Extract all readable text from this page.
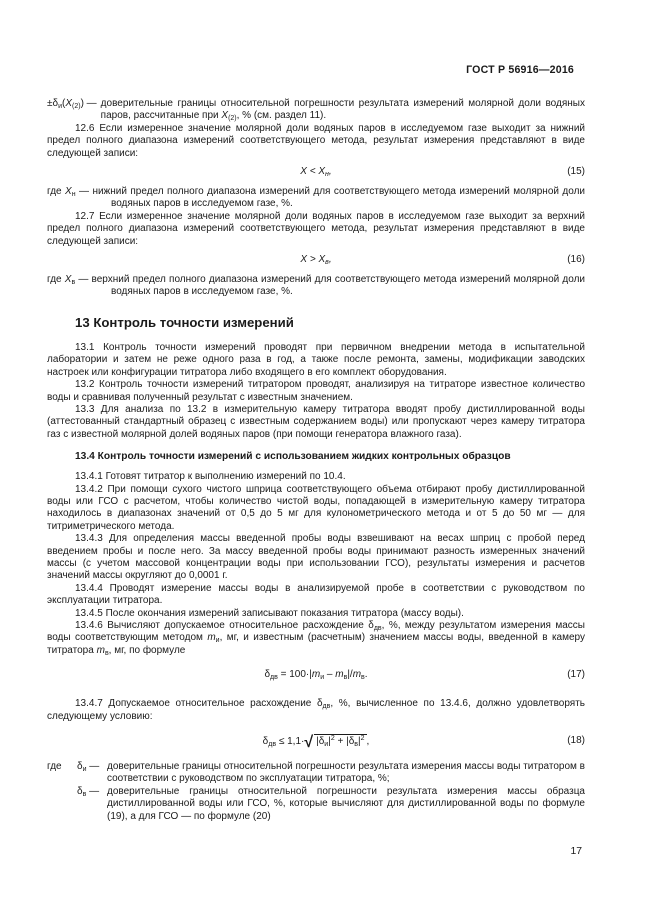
ГОСТ Р 56916—2016
$\pm\delta_и(X_{(2)})$ — доверительные границы относительной погрешности результата измерений молярной доли водяных паров, рассчитанные при $X_{(2)}$, % (см. раздел 11).

12.6 Если измеренное значение молярной доли водяных паров в исследуемом газе выходит за нижний предел полного диапазона измерений соответствующего метода, результат измерения представляют в виде следующей записи:

$X < X_н$,	(15)

где $X_н$ — нижний предел полного диапазона измерений для соответствующего метода измерений молярной доли водяных паров в исследуемом газе, %.

12.7 Если измеренное значение молярной доли водяных паров в исследуемом газе выходит за верхний предел полного диапазона измерений соответствующего метода, результат измерения представляют в виде следующей записи:

$X > X_в$,	(16)

где $X_в$ — верхний предел полного диапазона измерений для соответствующего метода измерений молярной доли водяных паров в исследуемом газе, %.

13 Контроль точности измерений

13.1 Контроль точности измерений проводят при первичном внедрении метода в испытательной лаборатории и затем не реже одного раза в год, а также после ремонта, замены, модификации заводских настроек или конфигурации титратора либо входящего в его комплект оборудования.

13.2 Контроль точности измерений титратором проводят, анализируя на титраторе известное количество воды и сравнивая полученный результат с известным значением.

13.3 Для анализа по 13.2 в измерительную камеру титратора вводят пробу дистиллированной воды (аттестованный стандартный образец с известным содержанием воды) или пропускают через камеру титратора газ с известной молярной долей водяных паров (при помощи генератора влажного газа).

13.4 Контроль точности измерений с использованием жидких контрольных образцов

13.4.1 Готовят титратор к выполнению измерений по 10.4.

13.4.2 При помощи сухого чистого шприца соответствующего объема отбирают пробу дистиллированной воды или ГСО с расчетом, чтобы количество чистой воды, попадающей в измерительную камеру титратора находилось в диапазонах значений от 0,5 до 5 мг для кулонометрического метода и от 5 до 50 мг — для титриметрического метода.

13.4.3 Для определения массы введенной пробы воды взвешивают на весах шприц с пробой перед введением пробы и после него. За массу введенной пробы воды принимают разность измеренных значений массы (с учетом массовой концентрации воды при использовании ГСО), результаты измерения и расчетов значений массы округляют до 0,0001 г.

13.4.4 Проводят измерение массы воды в анализируемой пробе в соответствии с руководством по эксплуатации титратора.

13.4.5 После окончания измерений записывают показания титратора (массу воды).

13.4.6 Вычисляют допускаемое относительное расхождение $\delta_{дв}$, %, между результатом измерения массы воды соответствующим методом $m_и$, мг, и известным (расчетным) значением массы воды, введенной в камеру титратора $m_в$, мг, по формуле

$\delta_{дв} = 100\cdot|m_и - m_в|/m_в$.	(17)

13.4.7 Допускаемое относительное расхождение $\delta_{дв}$, %, вычисленное по 13.4.6, должно удовлетворять следующему условию:

$\delta_{дв} \le 1,1\cdot√$ $|\delta_и|^2 + |\delta_в|^2$ ,	(18)
где	$\delta_и$ — доверительные границы относительной погрешности результата измерения массы воды титратором в соответствии с руководством по эксплуатации титратора, %;
$\delta_в$ — доверительные границы относительной погрешности результата измерения массы образца дистиллированной воды или ГСО, %, которые вычисляют для дистиллированной воды по формуле (19), а для ГСО — по формуле (20)
17
